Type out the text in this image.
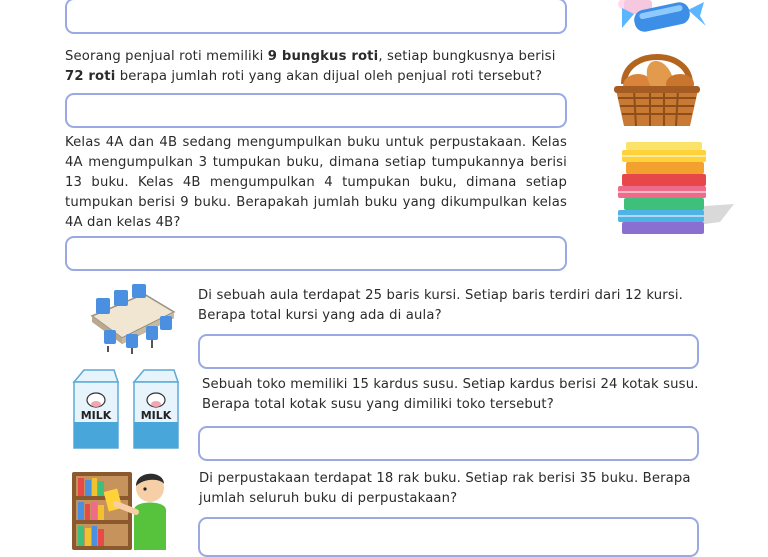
Seorang penjual roti memiliki 9 bungkus roti, setiap bungkusnya berisi 72 roti berapa jumlah roti yang akan dijual oleh penjual roti tersebut?

Kelas 4A dan 4B sedang mengumpulkan buku untuk perpustakaan. Kelas 4A mengumpulkan 3 tumpukan buku, dimana setiap tumpukannya berisi 13 buku. Kelas 4B mengumpulkan 4 tumpukan buku, dimana setiap tumpukan berisi 9 buku. Berapakah jumlah buku yang dikumpulkan kelas 4A dan kelas 4B?

Di sebuah aula terdapat 25 baris kursi. Setiap baris terdiri dari 12 kursi. Berapa total kursi yang ada di aula?

Sebuah toko memiliki 15 kardus susu. Setiap kardus berisi 24 kotak susu. Berapa total kotak susu yang dimiliki toko tersebut?

Di perpustakaan terdapat 18 rak buku. Setiap rak berisi 35 buku. Berapa jumlah seluruh buku di perpustakaan?

MILK	MILK
